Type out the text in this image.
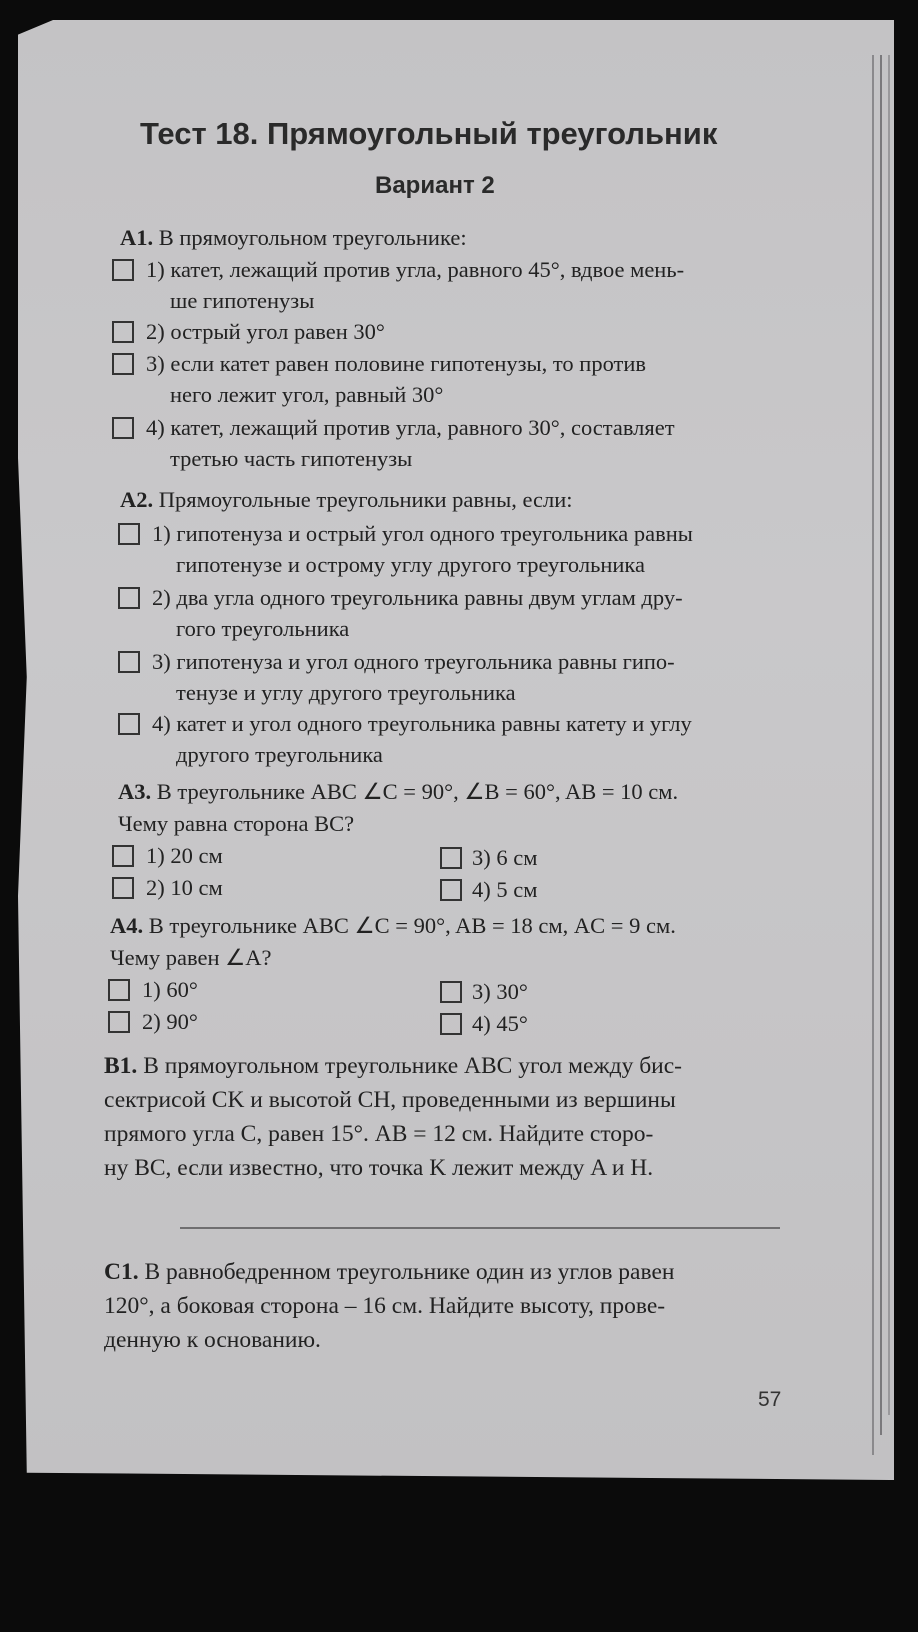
Тест 18. Прямоугольный треугольник
Вариант 2
А1. В прямоугольном треугольнике:
1) катет, лежащий против угла, равного 45°, вдвое мень-
ше гипотенузы
2) острый угол равен 30°
3) если катет равен половине гипотенузы, то против
него лежит угол, равный 30°
4) катет, лежащий против угла, равного 30°, составляет
третью часть гипотенузы
А2. Прямоугольные треугольники равны, если:
1) гипотенуза и острый угол одного треугольника равны
гипотенузе и острому углу другого треугольника
2) два угла одного треугольника равны двум углам дру-
гого треугольника
3) гипотенуза и угол одного треугольника равны гипо-
тенузе и углу другого треугольника
4) катет и угол одного треугольника равны катету и углу
другого треугольника
А3. В треугольнике ABC ∠C = 90°, ∠B = 60°, AB = 10 см.
Чему равна сторона BC?
1) 20 см
2) 10 см
3) 6 см
4) 5 см
А4. В треугольнике ABC ∠C = 90°, AB = 18 см, AC = 9 см.
Чему равен ∠A?
1) 60°
2) 90°
3) 30°
4) 45°
В1. В прямоугольном треугольнике ABC угол между бис-
сектрисой CK и высотой CH, проведенными из вершины
прямого угла C, равен 15°. AB = 12 см. Найдите сторо-
ну BC, если известно, что точка K лежит между A и H.
С1. В равнобедренном треугольнике один из углов равен
120°, а боковая сторона – 16 см. Найдите высоту, прове-
денную к основанию.
57
